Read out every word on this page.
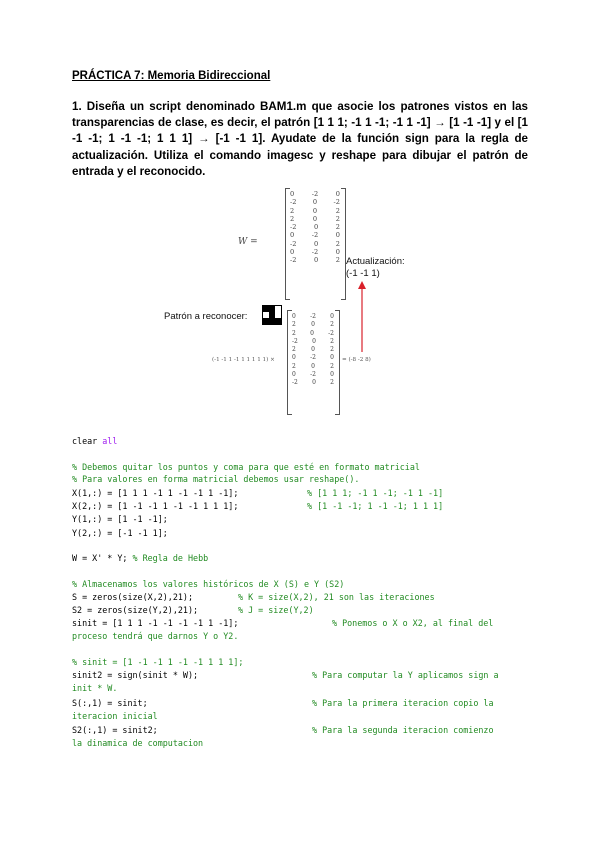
PRÁCTICA 7: Memoria Bidireccional

1. Diseña un script denominado BAM1.m que asocie los patrones vistos en las transparencias de clase, es decir, el patrón [1 1 1; -1 1 -1; -1 1 -1] → [1 -1 -1] y el [1 -1 -1; 1 -1 -1; 1 1 1] → [-1 -1 1]. Ayudate de la función sign para la regla de actualización. Utiliza el comando imagesc y reshape para dibujar el patrón de entrada y el reconocido.

W =
0	-2	0
-2 0 -2
2	0	2
2	0	2
-2	0	2
0	-2	0
-2	0	2
0	-2	0
-2	0	2 Actualización:
(-1 -1 1)
Patrón a reconocer:
(-1 -1 1 -1 1 1 1 1 1) ×
0 -2 0
2	0	2
2 0 -2
-2 0 2
2	0	2
0 -2 0
2	0	2
0 -2 0
-2 0 2
= (-8 -2 8)
clear all
% Debemos quitar los puntos y coma para que esté en formato matricial
% Para valores en forma matricial debemos usar reshape().
X(1,:) = [1 1 1 -1 1 -1 -1 1 -1];	% [1 1 1; -1 1 -1; -1 1 -1]
X(2,:) = [1 -1 -1 1 -1 -1 1 1 1];	% [1 -1 -1; 1 -1 -1; 1 1 1]
Y(1,:) = [1 -1 -1];
Y(2,:) = [-1 -1 1];
W = X' * Y; % Regla de Hebb
% Almacenamos los valores históricos de X (S) e Y (S2)
S = zeros(size(X,2),21);	% K = size(X,2), 21 son las iteraciones
S2 = zeros(size(Y,2),21);	% J = size(Y,2)
sinit = [1 1 1 -1 -1 -1 -1 1 -1];	% Ponemos o X o X2, al final del
proceso tendrá que darnos Y o Y2.
% sinit = [1 -1 -1 1 -1 -1 1 1 1];
sinit2 = sign(sinit * W);	% Para computar la Y aplicamos sign a
init * W.
S(:,1) = sinit;	% Para la primera iteracion copio la
iteracion inicial
S2(:,1) = sinit2;	% Para la segunda iteracion comienzo
la dinamica de computacion
